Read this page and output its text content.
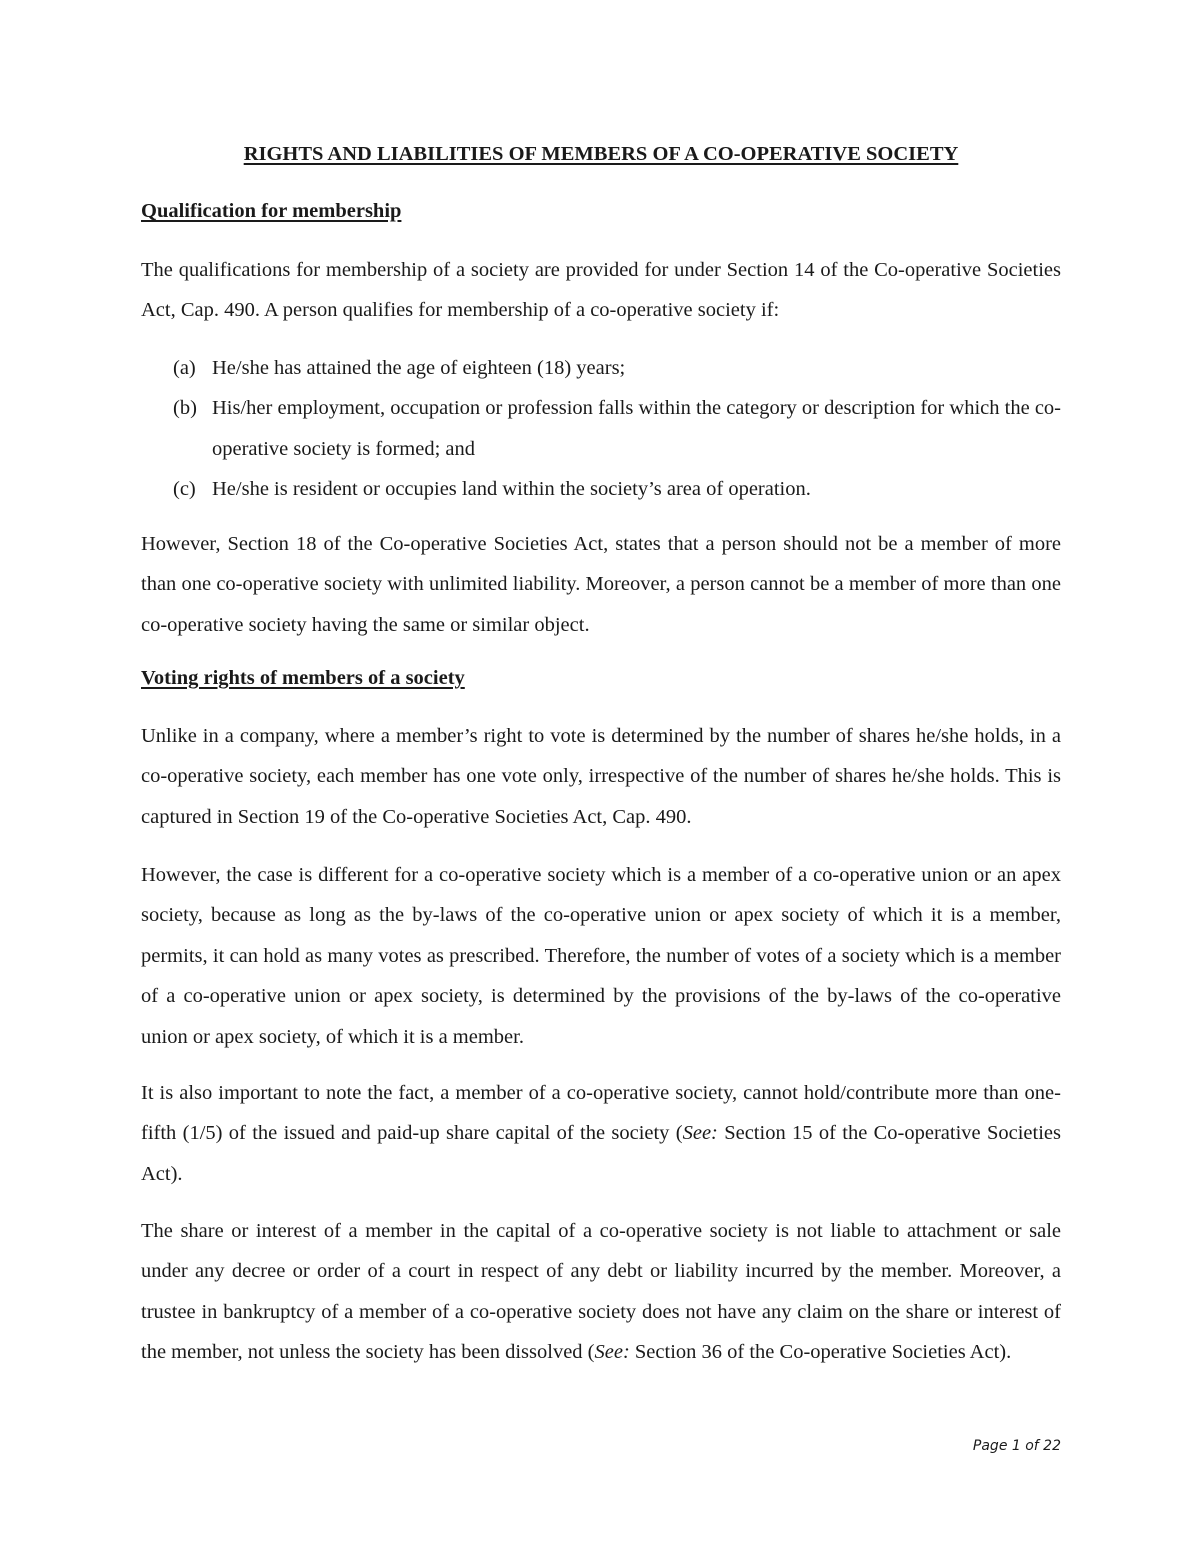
RIGHTS AND LIABILITIES OF MEMBERS OF A CO-OPERATIVE SOCIETY
Qualification for membership

The qualifications for membership of a society are provided for under Section 14 of the Co-operative Societies Act, Cap. 490. A person qualifies for membership of a co-operative society if:

(a) He/she has attained the age of eighteen (18) years;
(b) His/her employment, occupation or profession falls within the category or description for which the co-operative society is formed; and
(c) He/she is resident or occupies land within the society’s area of operation.

However, Section 18 of the Co-operative Societies Act, states that a person should not be a member of more than one co-operative society with unlimited liability. Moreover, a person cannot be a member of more than one co-operative society having the same or similar object.

Voting rights of members of a society

Unlike in a company, where a member’s right to vote is determined by the number of shares he/she holds, in a co-operative society, each member has one vote only, irrespective of the number of shares he/she holds. This is captured in Section 19 of the Co-operative Societies Act, Cap. 490.

However, the case is different for a co-operative society which is a member of a co-operative union or an apex society, because as long as the by-laws of the co-operative union or apex society of which it is a member, permits, it can hold as many votes as prescribed. Therefore, the number of votes of a society which is a member of a co-operative union or apex society, is determined by the provisions of the by-laws of the co-operative union or apex society, of which it is a member.

It is also important to note the fact, a member of a co-operative society, cannot hold/contribute more than one-fifth (1/5) of the issued and paid-up share capital of the society (See: Section 15 of the Co-operative Societies Act).

The share or interest of a member in the capital of a co-operative society is not liable to attachment or sale under any decree or order of a court in respect of any debt or liability incurred by the member. Moreover, a trustee in bankruptcy of a member of a co-operative society does not have any claim on the share or interest of the member, not unless the society has been dissolved (See: Section 36 of the Co-operative Societies Act).

Page 1 of 22
